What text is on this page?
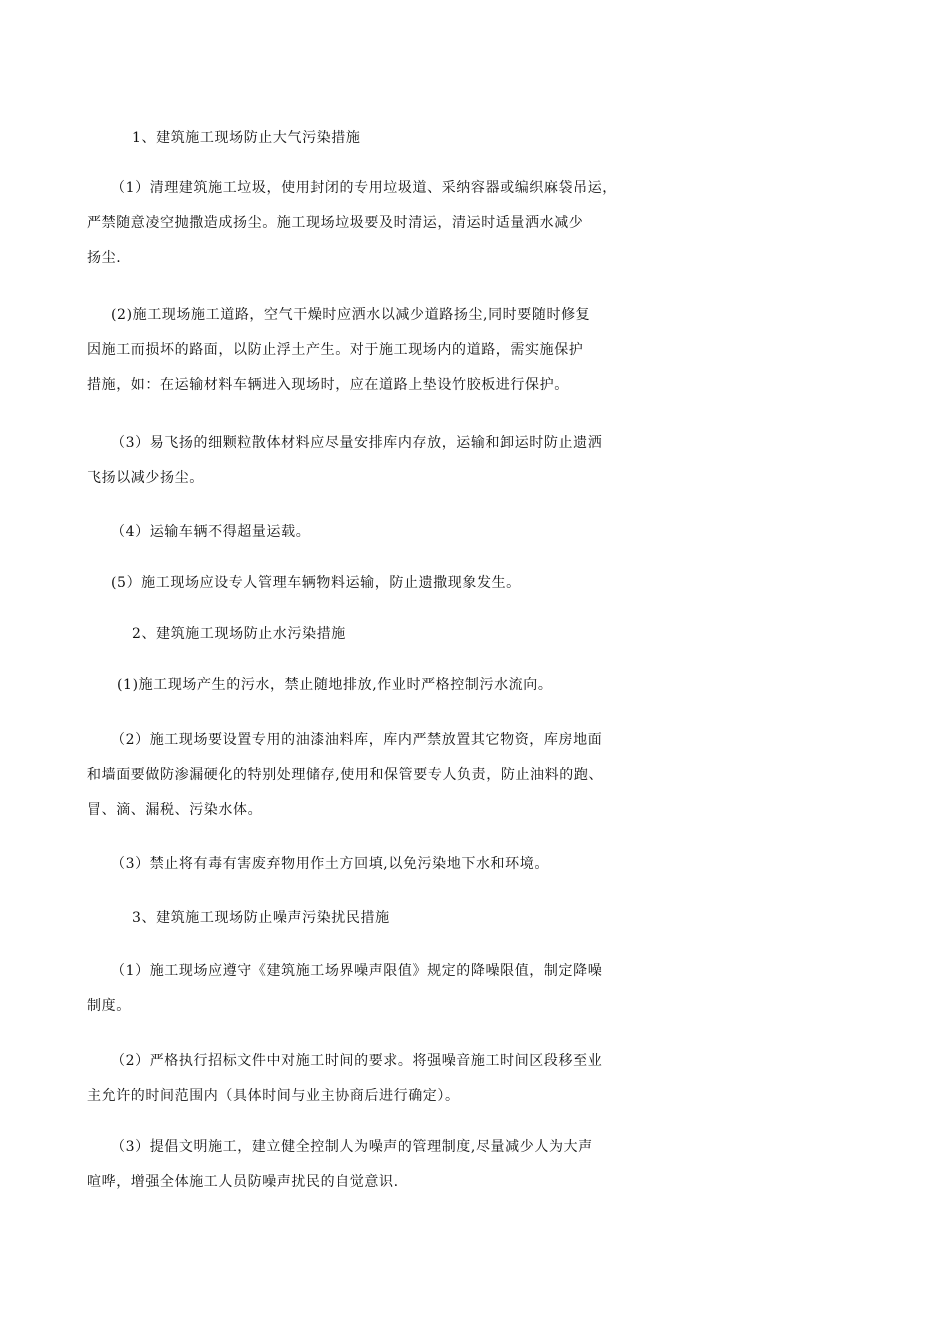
1、建筑施工现场防止大气污染措施
（1）清理建筑施工垃圾，使用封闭的专用垃圾道、采纳容器或编织麻袋吊运，
严禁随意凌空抛撒造成扬尘。施工现场垃圾要及时清运，清运时适量洒水减少
扬尘.
(2)施工现场施工道路，空气干燥时应洒水以减少道路扬尘,同时要随时修复
因施工而损坏的路面，以防止浮土产生。对于施工现场内的道路，需实施保护
措施，如：在运输材料车辆进入现场时，应在道路上垫设竹胶板进行保护。
（3）易飞扬的细颗粒散体材料应尽量安排库内存放，运输和卸运时防止遗洒
飞扬以减少扬尘。
（4）运输车辆不得超量运载。
(5）施工现场应设专人管理车辆物料运输，防止遗撒现象发生。
2、建筑施工现场防止水污染措施
(1)施工现场产生的污水，禁止随地排放,作业时严格控制污水流向。
（2）施工现场要设置专用的油漆油料库，库内严禁放置其它物资，库房地面
和墙面要做防渗漏硬化的特别处理储存,使用和保管要专人负责，防止油料的跑、
冒、滴、漏税、污染水体。
（3）禁止将有毒有害废弃物用作土方回填,以免污染地下水和环境。
3、建筑施工现场防止噪声污染扰民措施
（1）施工现场应遵守《建筑施工场界噪声限值》规定的降噪限值，制定降噪
制度。
（2）严格执行招标文件中对施工时间的要求。将强噪音施工时间区段移至业
主允许的时间范围内（具体时间与业主协商后进行确定）。
（3）提倡文明施工，建立健全控制人为噪声的管理制度,尽量减少人为大声
喧哗，增强全体施工人员防噪声扰民的自觉意识.
